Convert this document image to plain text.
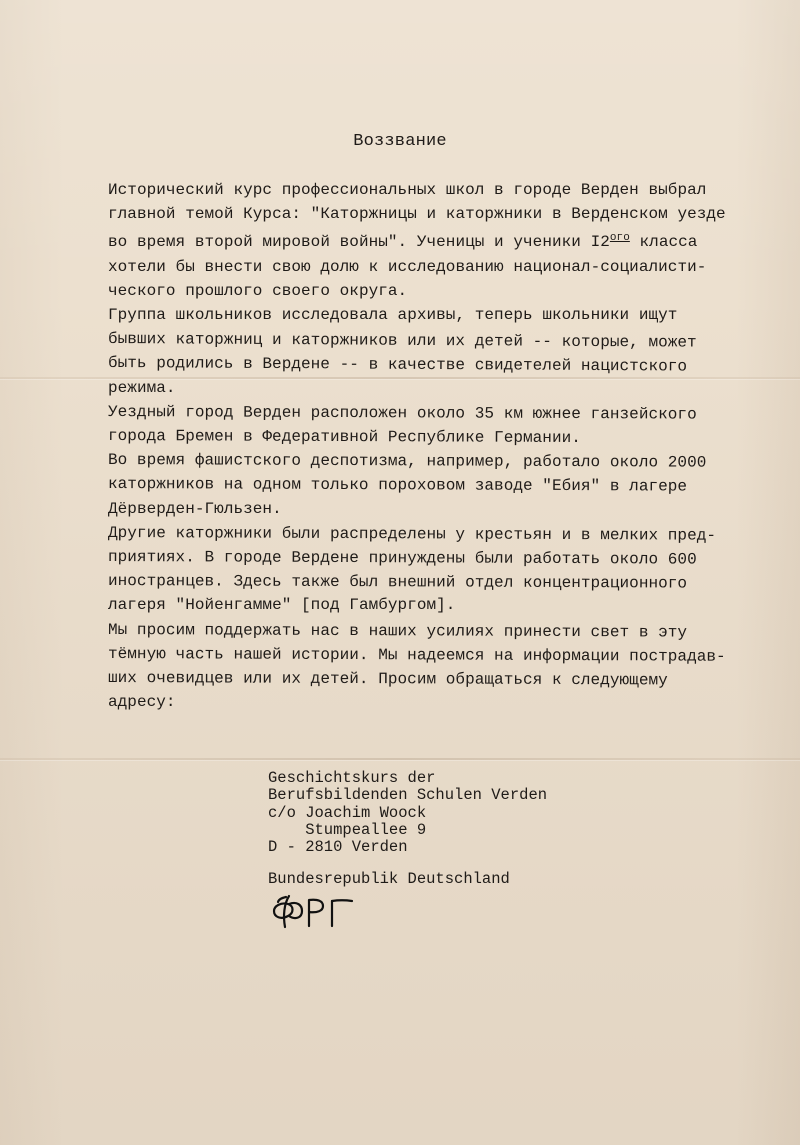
Воззвание
Исторический курс профессиональных школ в городе Верден выбрал
главной темой Курса: "Каторжницы и каторжники в Верденском уезде
во время второй мировой войны". Ученицы и ученики $I2^{ого}$ класса
хотели бы внести свою долю к исследованию национал-социалисти-
ческого прошлого своего округа.
Группа школьников исследовала архивы, теперь школьники ищут
бывших каторжниц и каторжников или их детей -- которые, может
быть родились в Вердене -- в качестве свидетелей нацистского
режима.
Уездный город Верден расположен около 35 км южнее ганзейского
города Бремен в Федеративной Республике Германии.
Во время фашистского деспотизма, например, работало около 2000
каторжников на одном только пороховом заводе "Ебия" в лагере
Дёрверден-Гюльзен.
Другие каторжники были распределены у крестьян и в мелких пред-
приятиях. В городе Вердене принуждены были работать около 600
иностранцев. Здесь также был внешний отдел концентрационного
лагеря "Нойенгамме" [под Гамбургом].
Мы просим поддержать нас в наших усилиях принести свет в эту
тёмную часть нашей истории. Мы надеемся на информации пострадав-
ших очевидцев или их детей. Просим обращаться к следующему
адресу:
Geschichtskurs der
Berufsbildenden Schulen Verden
c/o Joachim Woock
Stumpeallee 9
D - 2810 Verden
Bundesrepublik Deutschland
